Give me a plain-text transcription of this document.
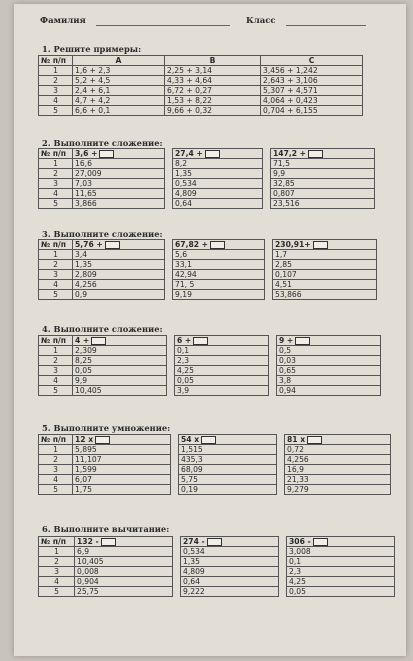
Фамилия	Класс
1. Решите примеры:
№ п/п	A	B	C
1	1,6 + 2,3	2,25 + 3,14	3,456 + 1,242
2	5,2 + 4,5	4,33 + 4,64	2,643 + 3,106
3	2,4 + 6,1	6,72 + 0,27	5,307 + 4,571
4	4,7 + 4,2	1,53 + 8,22	4,064 + 0,423
5	6,6 + 0,1	9,66 + 0,32	0,704 + 6,155
2. Выполните сложение:
№ п/п	3,6 +		27,4 +		147,2 +
1	16,6		8,2		71,5
2	27,009		1,35		9,9
3	7,03		0,534		32,85
4	11,65		4,809		0,807
5	3,866		0,64		23,516
3. Выполните сложение:
№ п/п	5,76 +		67,82 +		230,91+
1	3,4		5,6		1,7
2	1,35		33,1		2,85
3	2,809		42,94		0,107
4	4,256		71, 5		4,51
5	0,9		9,19		53,866
4. Выполните сложение:
№ п/п	4 +		6 +		9 +
1	2,309		0,1		0,5
2	8,25		2,3		0,03
3	0,05		4,25		0,65
4	9,9		0,05		3,8
5	10,405		3,9		0,94
5. Выполните умножение:
№ п/п	12 x		54 x		81 x
1	5,895		1,515		0,72
2	11,107		435,3		4,256
3	1,599		68,09		16,9
4	6,07		5,75		21,33
5	1,75		0,19		9,279
6. Выполните вычитание:
№ п/п	132 -		274 -		306 -
1	6,9		0,534		3,008
2	10,405		1,35		0,1
3	0,008		4,809		2,3
4	0,904		0,64		4,25
5	25,75		9,222		0,05
